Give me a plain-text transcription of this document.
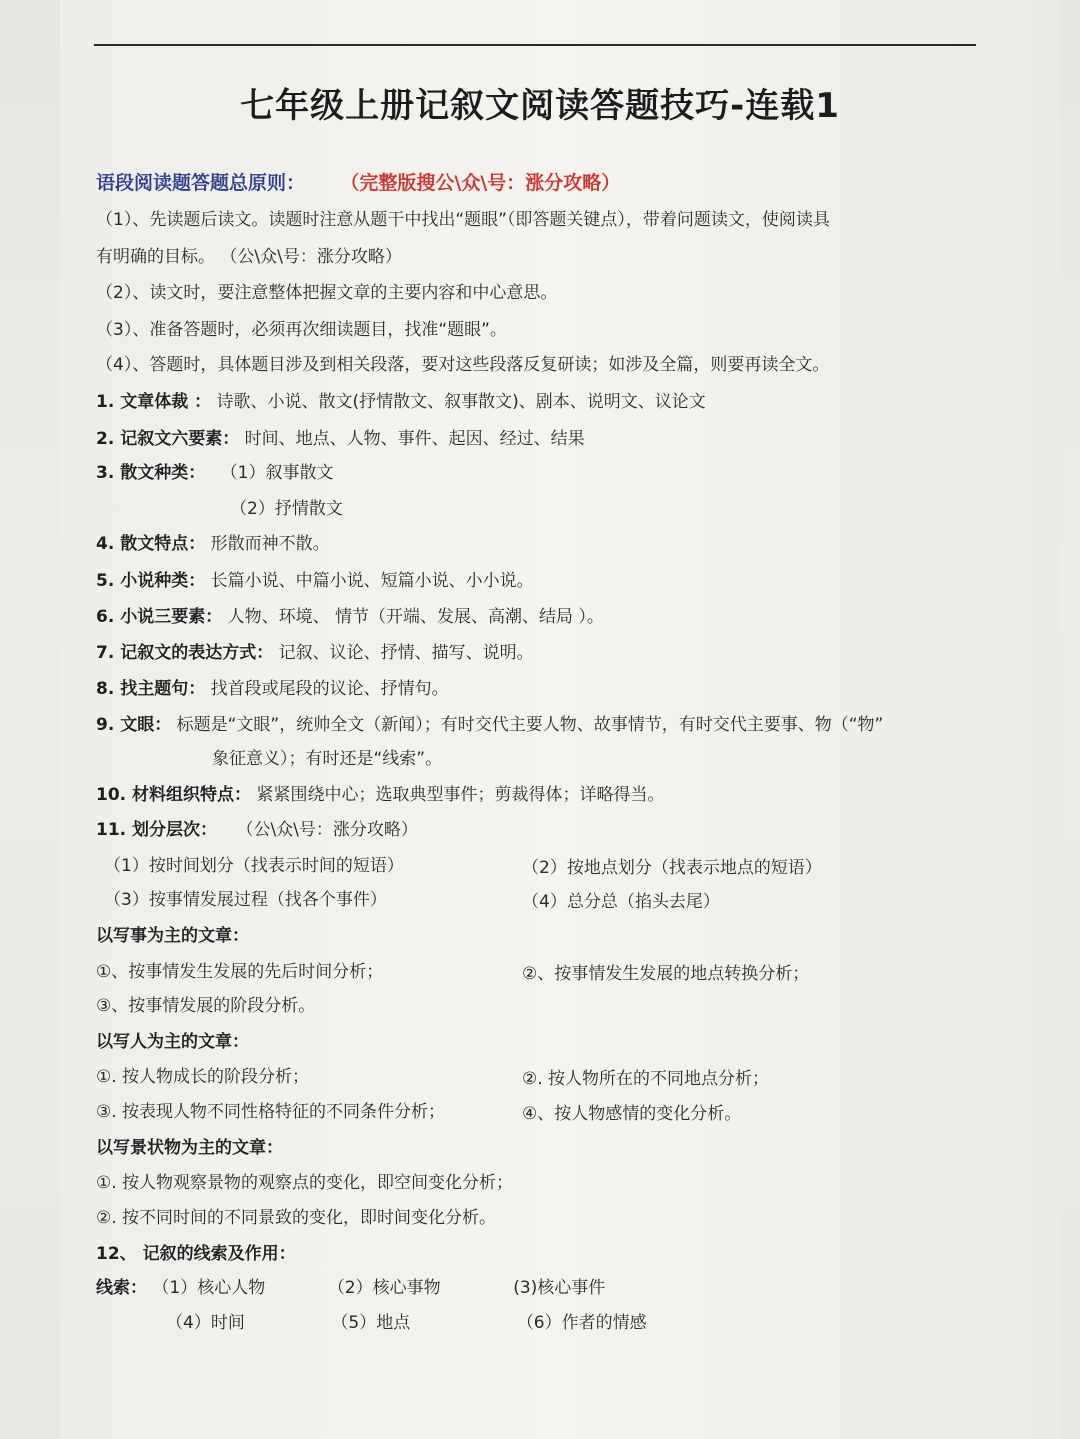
七年级上册记叙文阅读答题技巧-连载1
语段阅读题答题总原则： （完整版搜公\众\号：涨分攻略）
（1）、先读题后读文。读题时注意从题干中找出“题眼”（即答题关键点），带着问题读文，使阅读具
有明确的目标。 （公\众\号：涨分攻略）
（2）、读文时，要注意整体把握文章的主要内容和中心意思。
（3）、准备答题时，必须再次细读题目，找准“题眼”。
（4）、答题时，具体题目涉及到相关段落，要对这些段落反复研读；如涉及全篇，则要再读全文。
1. 文章体裁 ： 诗歌、小说、散文(抒情散文、叙事散文)、剧本、说明文、议论文
2. 记叙文六要素： 时间、地点、人物、事件、起因、经过、结果
3. 散文种类： （1）叙事散文
（2）抒情散文
4. 散文特点： 形散而神不散。
5. 小说种类： 长篇小说、中篇小说、短篇小说、小小说。
6. 小说三要素： 人物、环境、 情节（开端、发展、高潮、结局 ）。
7. 记叙文的表达方式： 记叙、议论、抒情、描写、说明。
8. 找主题句： 找首段或尾段的议论、抒情句。
9. 文眼： 标题是“文眼”，统帅全文（新闻）；有时交代主要人物、故事情节，有时交代主要事、物（“物”
象征意义）；有时还是“线索”。
10. 材料组织特点： 紧紧围绕中心；选取典型事件；剪裁得体；详略得当。
11. 划分层次： （公\众\号：涨分攻略）
（1）按时间划分（找表示时间的短语）	（2）按地点划分（找表示地点的短语）
（3）按事情发展过程（找各个事件）	（4）总分总（掐头去尾）
以写事为主的文章：
①、按事情发生发展的先后时间分析；	②、按事情发生发展的地点转换分析；
③、按事情发展的阶段分析。
以写人为主的文章：
①. 按人物成长的阶段分析；	②. 按人物所在的不同地点分析；
③. 按表现人物不同性格特征的不同条件分析；	④、按人物感情的变化分析。
以写景状物为主的文章：
①. 按人物观察景物的观察点的变化，即空间变化分析；
②. 按不同时间的不同景致的变化，即时间变化分析。
12、 记叙的线索及作用：
线索： （1）核心人物	（2）核心事物	(3)核心事件
（4）时间	（5）地点	（6）作者的情感
